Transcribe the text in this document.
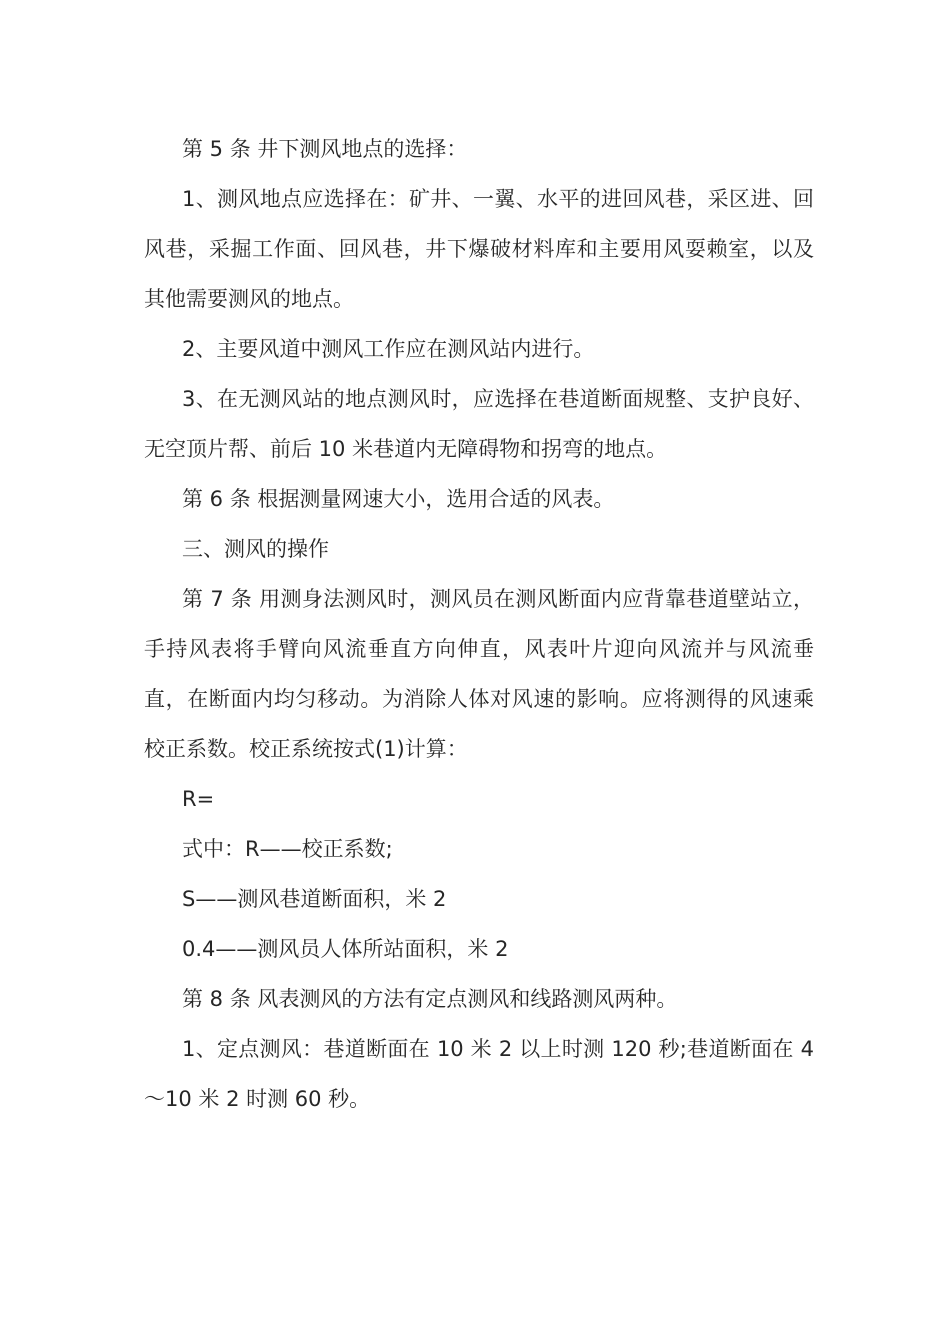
第 5 条 井下测风地点的选择：

1、测风地点应选择在：矿井、一翼、水平的进回风巷，采区进、回风巷，采掘工作面、回风巷，井下爆破材料库和主要用风耍赖室，以及其他需要测风的地点。

2、主要风道中测风工作应在测风站内进行。

3、在无测风站的地点测风时，应选择在巷道断面规整、支护良好、无空顶片帮、前后 10 米巷道内无障碍物和拐弯的地点。

第 6 条 根据测量网速大小，选用合适的风表。

三、测风的操作

第 7 条 用测身法测风时，测风员在测风断面内应背靠巷道壁站立，手持风表将手臂向风流垂直方向伸直，风表叶片迎向风流并与风流垂直，在断面内均匀移动。为消除人体对风速的影响。应将测得的风速乘校正系数。校正系统按式(1)计算：

R=

式中：R——校正系数;

S——测风巷道断面积，米 2

0.4——测风员人体所站面积，米 2

第 8 条 风表测风的方法有定点测风和线路测风两种。

1、定点测风：巷道断面在 10 米 2 以上时测 120 秒;巷道断面在 4～10 米 2 时测 60 秒。
